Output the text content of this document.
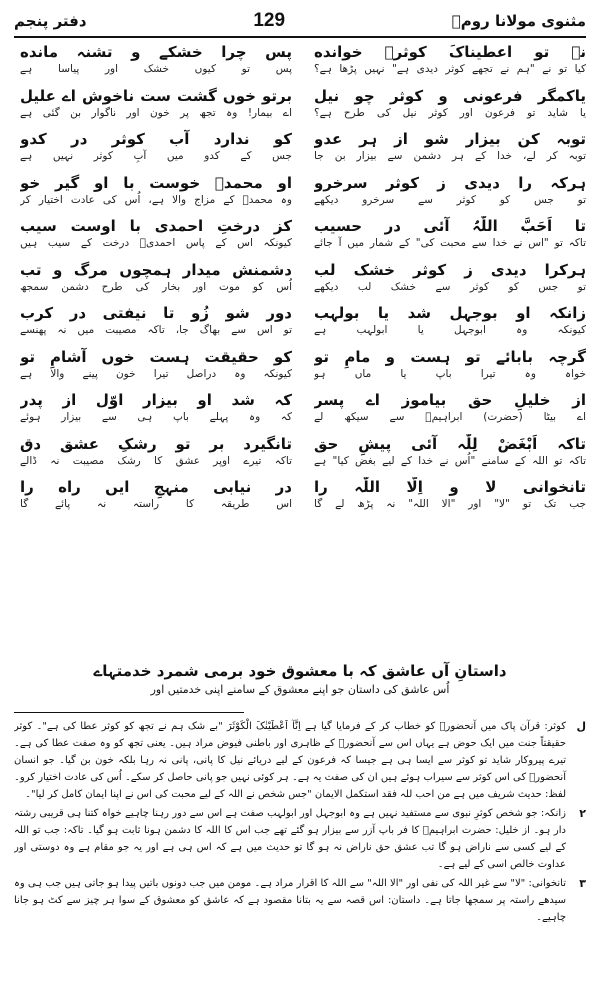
مثنوی مولانا رومؒ
129
دفتر پنجم
نے تو اعطیناکَ کوثرؔ خوانده
کیا تو نے "ہم نے تجھے کوثر دیدی ہے" نہیں پڑھا ہے؟
پس چرا خشکے و تشنہ مانده
پس تو کیوں خشک اور پیاسا ہے
یاکمگر فرعونی و کوثر چو نیل
یا شاید تو فرعون اور کوثر نیل کی طرح ہے؟
برتو خوں گشت ست ناخوش اے علیل
اے بیمار! وہ تجھ پر خون اور ناگوار بن گئی ہے
توبہ کن بیزار شو از ہر عدو
توبہ کر لے، خدا کے ہر دشمن سے بیزار بن جا
کو ندارد آب کوثر در کدو
جس کے کدو میں آبِ کوثر نہیں ہے
ہرکہ را دیدی ز کوثر سرخرو
تو جس کو کوثر سے سرخرو دیکھے
او محمدؐ خوست با او گیر خو
وہ محمدؐ کے مزاج والا ہے، اُس کی عادت اختیار کر
تا اَحَبَّ اللّٰہُ آئی در حسیب
تاکہ تو "اس نے خدا سے محبت کی" کے شمار میں آ جائے
کز درختِ احمدی با اوست سیب
کیونکہ اس کے پاس احمدیؐ درخت کے سیب ہیں
ہرکرا دیدی ز کوثر خشک لب
تو جس کو کوثر سے خشک لب دیکھے
دشمنش میدار ہمچوں مرگ و تب
اُس کو موت اور بخار کی طرح دشمن سمجھ
زانکہ او بوجہل شد یا بولہب
کیونکہ وہ ابوجہل یا ابولہب ہے
دور شو زُو تا نیفتی در کرب
تو اس سے بھاگ جا، تاکہ مصیبت میں نہ پھنسے
گرچہ بابائے تو ہست و مامِ تو
خواہ وہ تیرا باپ یا ماں ہو
کو حقیقت ہست خوں آشامِ تو
کیونکہ وہ دراصل تیرا خون پینے والا ہے
از خلیلِ حق بیاموز اے پسر
اے بیٹا (حضرت) ابراہیمؑ سے سیکھ لے
کہ شد او بیزار اوّل از پدر
کہ وہ پہلے باپ ہی سے بیزار ہوئے
تاکہ اَبْغَضْ لِلّٰہ آئی پیشِ حق
تاکہ تو اللہ کے سامنے "اُس نے خدا کے لیے بغض کیا" ہے
تانگیرد بر تو رشکِ عشق دق
تاکہ تیرے اوپر عشق کا رشک مصیبت نہ ڈالے
تانخوانی لا و اِلّا اللّٰہ را
جب تک تو "لا" اور "الا اللہ" نہ پڑھ لے گا
در نیابی منہجِ ایں راه را
اس طریقہ کا راستہ نہ پائے گا
داستانِ آں عاشق کہ با معشوق خود برمی شمرد خدمتہاے
اُس عاشق کی داستان جو اپنے معشوق کے سامنے اپنی خدمتیں اور
ل
کوثر: قرآن پاک میں آنحضورؐ کو خطاب کر کے فرمایا گیا ہے اِنَّآ اَعْطَیْنٰکَ الْکَوْثَرَ "بے شک ہم نے تجھ کو کوثر عطا کی ہے"۔ کوثر حقیقتاً جنت میں ایک حوض ہے یہاں اس سے آنحضورؐ کے ظاہری اور باطنی فیوض مراد ہیں۔ یعنی تجھ کو وہ صفت عطا کی ہے۔ تیرے پیروکار شاید تو کوثر سے ایسا ہی ہے جیسا کہ فرعون کے لیے دریائے نیل کا پانی، پانی نہ رہا بلکہ خون بن گیا۔ جو انسان آنحضورؐ کی اس کوثر سے سیراب ہوئے ہیں ان کی صفت یہ ہے۔ ہر کوئی نہیں جو پانی حاصل کر سکے۔ اُس کی عادت اختیار کرو۔ لفظ: حدیث شریف میں ہے من احب للہ فقد استکمل الایمان "جس شخص نے اللہ کے لیے محبت کی اس نے اپنا ایمان کامل کر لیا"۔
۲
زانکہ: جو شخص کوثرِ نبوی سے مستفید نہیں ہے وہ ابوجہل اور ابولہب صفت ہے اس سے دور رہنا چاہیے خواہ کتنا ہی قریبی رشتہ دار ہو۔ از خلیل: حضرت ابراہیمؑ کا فر باپ آزر سے بیزار ہو گئے تھے جب اس کا اللہ کا دشمن ہونا ثابت ہو گیا۔ تاکہ: جب تو اللہ کے لیے کسی سے ناراض ہو گا تب عشق حق ناراض نہ ہو گا تو حدیث میں ہے کہ اس ہی ہے اور یہ جو مقام ہے وہ دوستی اور عداوت خالص اسی کے لیے ہے۔
۳
تانخوانی: "لا" سے غیر اللہ کی نفی اور "الا اللہ" سے اللہ کا اقرار مراد ہے۔ مومن میں جب دونوں باتیں پیدا ہو جاتی ہیں جب ہی وہ سیدھے راستہ پر سمجھا جاتا ہے۔ داستان: اس قصہ سے یہ بتانا مقصود ہے کہ عاشق کو معشوق کے سوا ہر چیز سے کٹ ہو جانا چاہیے۔
